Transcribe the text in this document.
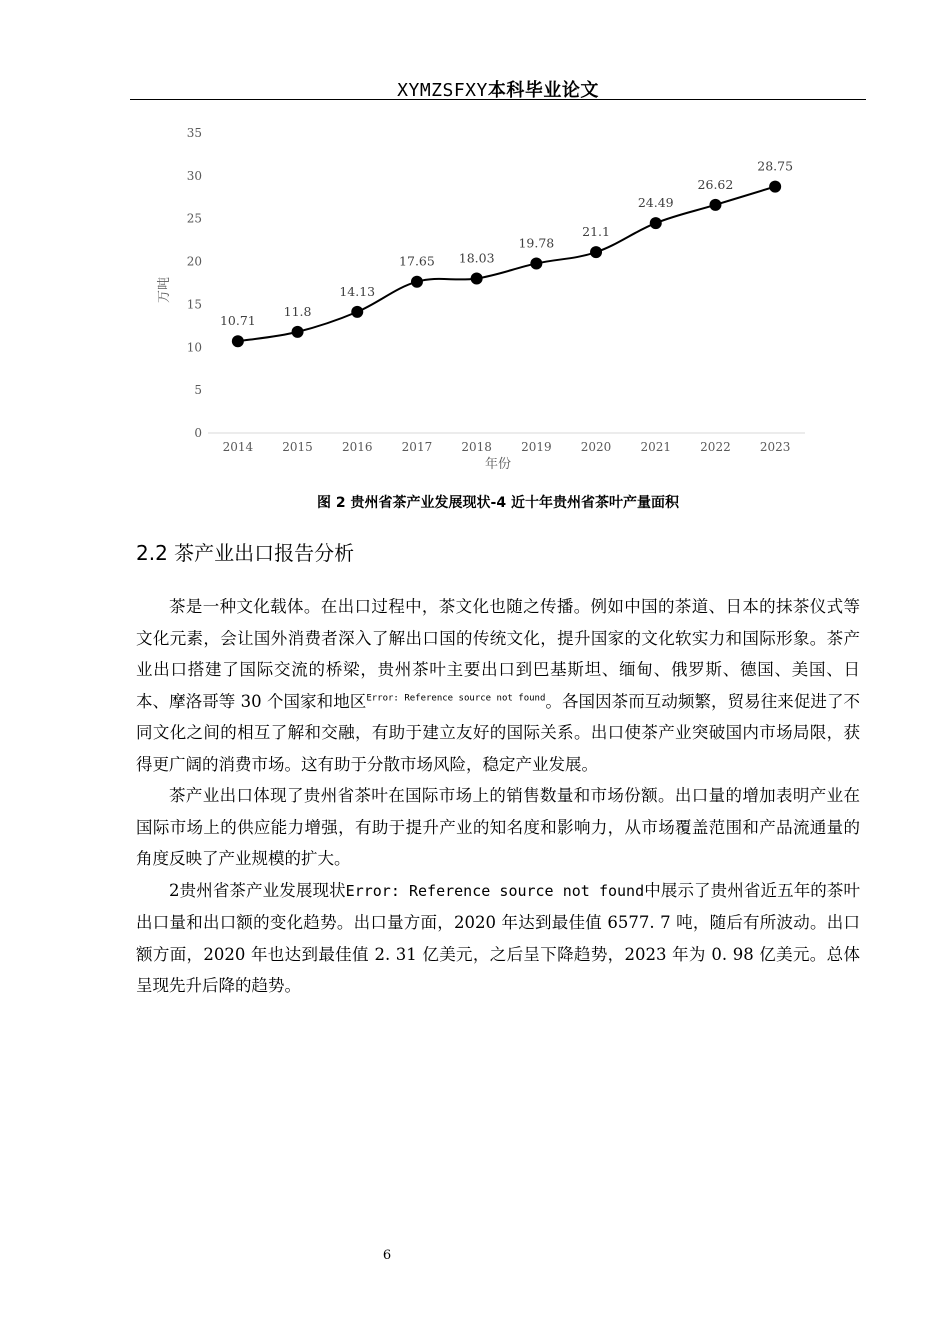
XYMZSFXY本科毕业论文
0
5
10
15
20
25
30
35
2014 2015 2016 2017 2018 2019 2020 2021 2022 2023
10.71
11.8
14.13
17.65 18.03
19.78
21.1
24.49
26.62
28.75
年份
万吨
图 2 贵州省茶产业发展现状-4 近十年贵州省茶叶产量面积
2.2 茶产业出口报告分析

茶是一种文化载体。在出口过程中，茶文化也随之传播。例如中国的茶道、日本的抹茶仪式等文化元素，会让国外消费者深入了解出口国的传统文化，提升国家的文化软实力和国际形象。茶产业出口搭建了国际交流的桥梁，贵州茶叶主要出口到巴基斯坦、缅甸、俄罗斯、德国、美国、日本、摩洛哥等 30 个国家和地区$^{Error: Reference source not found}$。各国因茶而互动频繁，贸易往来促进了不同文化之间的相互了解和交融，有助于建立友好的国际关系。出口使茶产业突破国内市场局限，获得更广阔的消费市场。这有助于分散市场风险，稳定产业发展。

茶产业出口体现了贵州省茶叶在国际市场上的销售数量和市场份额。出口量的增加表明产业在国际市场上的供应能力增强，有助于提升产业的知名度和影响力，从市场覆盖范围和产品流通量的角度反映了产业规模的扩大。

2贵州省茶产业发展现状Error: Reference source not found中展示了贵州省近五年的茶叶出口量和出口额的变化趋势。出口量方面，2020 年达到最佳值 6577. 7 吨，随后有所波动。出口额方面，2020 年也达到最佳值 2. 31 亿美元，之后呈下降趋势，2023 年为 0. 98 亿美元。总体呈现先升后降的趋势。

6
